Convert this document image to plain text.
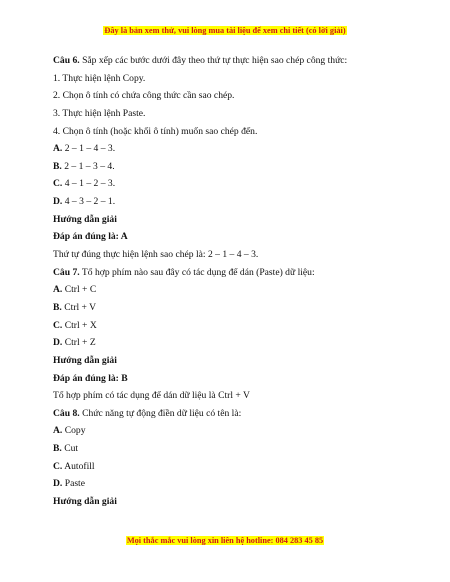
Đây là bản xem thử, vui lòng mua tài liệu để xem chi tiết (có lời giải)
Câu 6. Sắp xếp các bước dưới đây theo thứ tự thực hiện sao chép công thức:
1. Thực hiện lệnh Copy.
2. Chọn ô tính có chứa công thức cần sao chép.
3. Thực hiện lệnh Paste.
4. Chọn ô tính (hoặc khối ô tính) muốn sao chép đến.
A. 2 – 1 – 4 – 3.
B. 2 – 1 – 3 – 4.
C. 4 – 1 – 2 – 3.
D. 4 – 3 – 2 – 1.
Hướng dẫn giải
Đáp án đúng là: A
Thứ tự đúng thực hiện lệnh sao chép là: 2 – 1 – 4 – 3.
Câu 7. Tổ hợp phím nào sau đây có tác dụng để dán (Paste) dữ liệu:
A. Ctrl + C
B. Ctrl + V
C. Ctrl + X
D. Ctrl + Z
Hướng dẫn giải
Đáp án đúng là: B
Tổ hợp phím có tác dụng để dán dữ liệu là Ctrl + V
Câu 8. Chức năng tự động điền dữ liệu có tên là:
A. Copy
B. Cut
C. Autofill
D. Paste
Hướng dẫn giải
Mọi thắc mắc vui lòng xin liên hệ hotline: 084 283 45 85
